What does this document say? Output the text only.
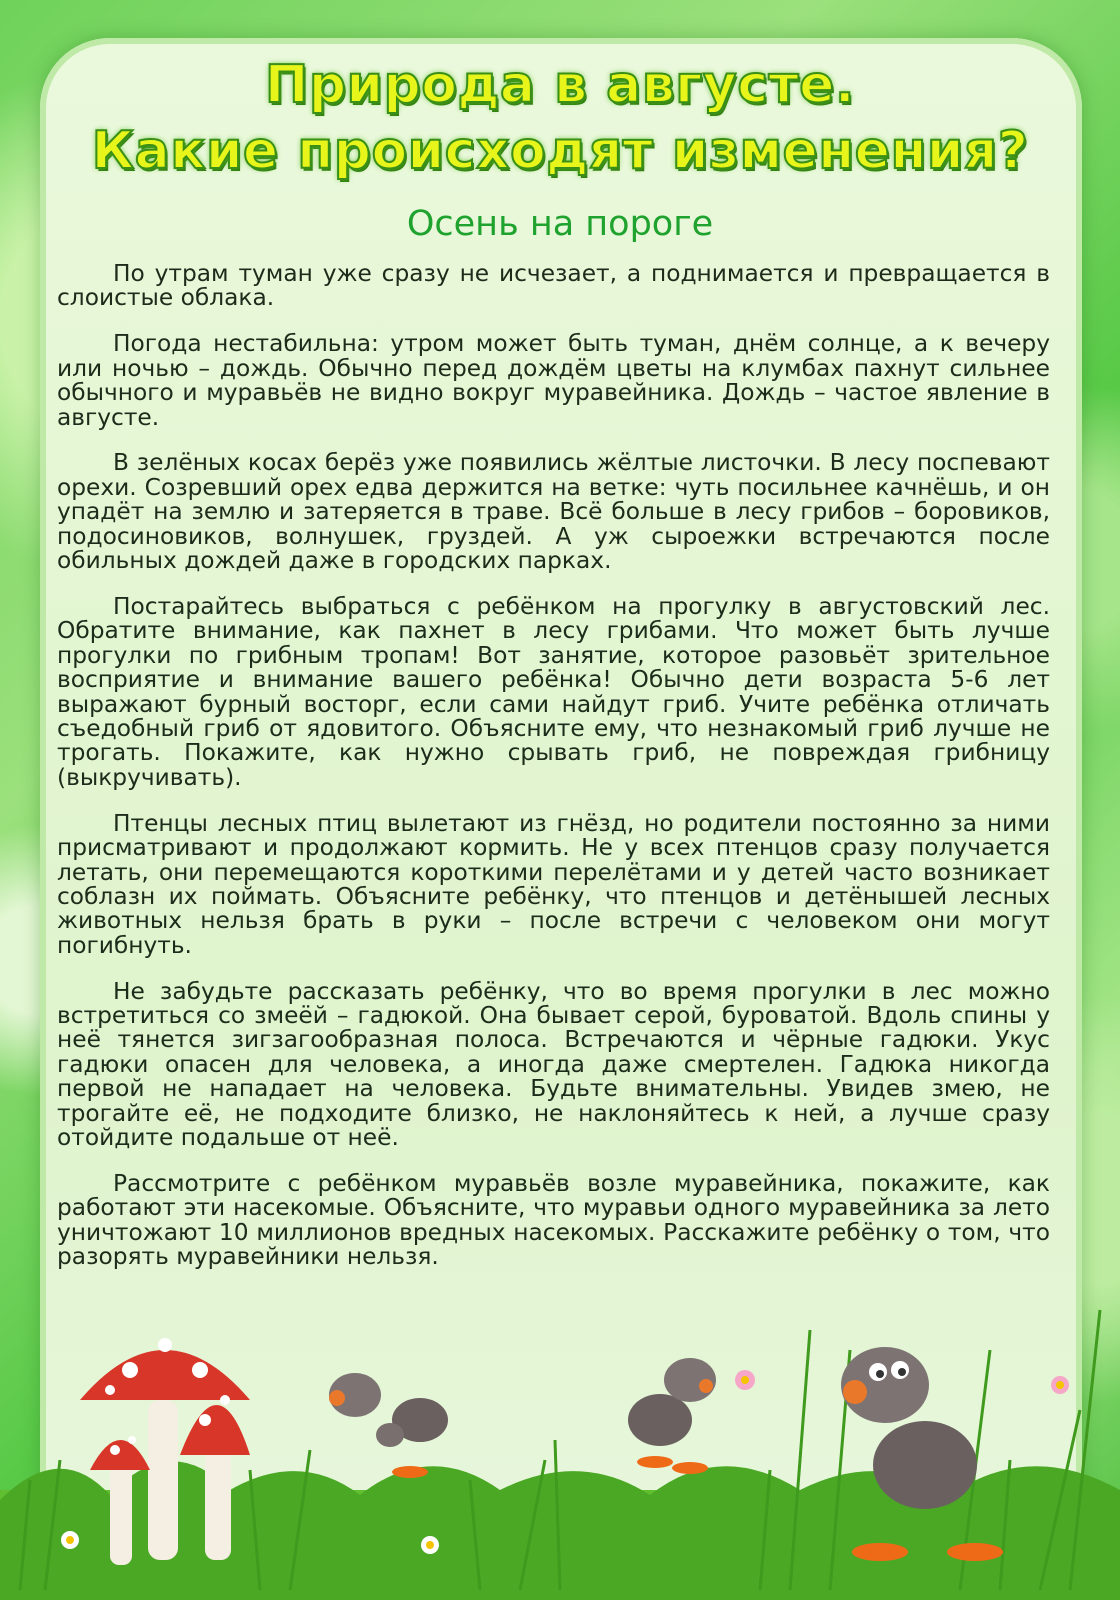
Природа в августе.
Какие происходят изменения?
Осень на пороге

По утрам туман уже сразу не исчезает, а поднимается и превращается в слоистые облака.

Погода нестабильна: утром может быть туман, днём солнце, а к вечеру или ночью – дождь. Обычно перед дождём цветы на клумбах пахнут сильнее обычного и муравьёв не видно вокруг муравейника. Дождь – частое явление в августе.

В зелёных косах берёз уже появились жёлтые листочки. В лесу поспевают орехи. Созревший орех едва держится на ветке: чуть посильнее качнёшь, и он упадёт на землю и затеряется в траве. Всё больше в лесу грибов – боровиков, подосиновиков, волнушек, груздей. А уж сыроежки встречаются после обильных дождей даже в городских парках.

Постарайтесь выбраться с ребёнком на прогулку в августовский лес. Обратите внимание, как пахнет в лесу грибами. Что может быть лучше прогулки по грибным тропам! Вот занятие, которое разовьёт зрительное восприятие и внимание вашего ребёнка! Обычно дети возраста 5-6 лет выражают бурный восторг, если сами найдут гриб. Учите ребёнка отличать съедобный гриб от ядовитого. Объясните ему, что незнакомый гриб лучше не трогать. Покажите, как нужно срывать гриб, не повреждая грибницу (выкручивать).

Птенцы лесных птиц вылетают из гнёзд, но родители постоянно за ними присматривают и продолжают кормить. Не у всех птенцов сразу получается летать, они перемещаются короткими перелётами и у детей часто возникает соблазн их поймать. Объясните ребёнку, что птенцов и детёнышей лесных животных нельзя брать в руки – после встречи с человеком они могут погибнуть.

Не забудьте рассказать ребёнку, что во время прогулки в лес можно встретиться со змеёй – гадюкой. Она бывает серой, буроватой. Вдоль спины у неё тянется зигзагообразная полоса. Встречаются и чёрные гадюки. Укус гадюки опасен для человека, а иногда даже смертелен. Гадюка никогда первой не нападает на человека. Будьте внимательны. Увидев змею, не трогайте её, не подходите близко, не наклоняйтесь к ней, а лучше сразу отойдите подальше от неё.

Рассмотрите с ребёнком муравьёв возле муравейника, покажите, как работают эти насекомые. Объясните, что муравьи одного муравейника за лето уничтожают 10 миллионов вредных насекомых. Расскажите ребёнку о том, что разорять муравейники нельзя.
